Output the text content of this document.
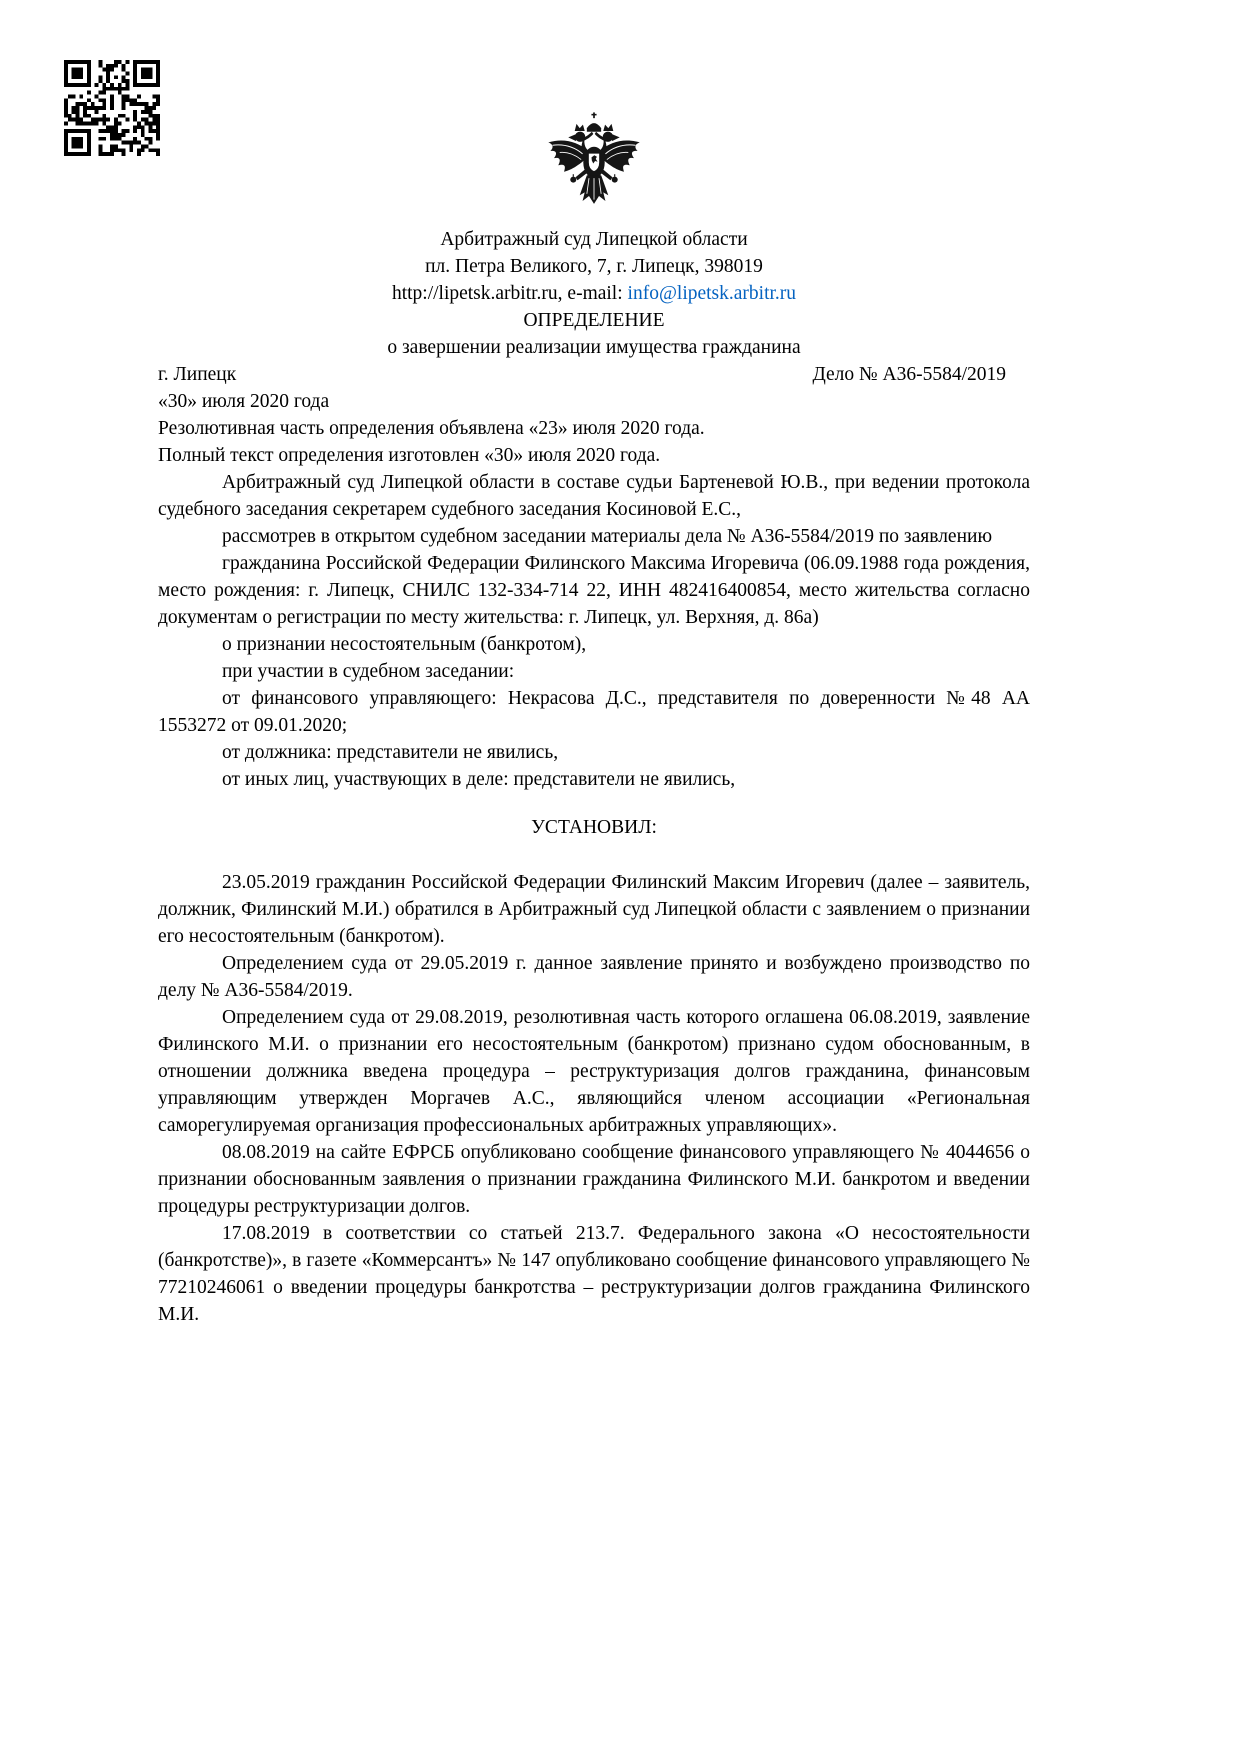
Арбитражный суд Липецкой области
пл. Петра Великого, 7, г. Липецк, 398019
http://lipetsk.arbitr.ru, e-mail: info@lipetsk.arbitr.ru
ОПРЕДЕЛЕНИЕ
о завершении реализации имущества гражданина
г. Липецк	Дело № А36-5584/2019
«30» июля 2020 года

Резолютивная часть определения объявлена «23» июля 2020 года.

Полный текст определения изготовлен «30» июля 2020 года.

Арбитражный суд Липецкой области в составе судьи Бартеневой Ю.В., при ведении протокола судебного заседания секретарем судебного заседания Косиновой Е.С.,

рассмотрев в открытом судебном заседании материалы дела № А36-5584/2019 по заявлению

гражданина Российской Федерации Филинского Максима Игоревича (06.09.1988 года рождения, место рождения: г. Липецк, СНИЛС 132-334-714 22, ИНН 482416400854, место жительства согласно документам о регистрации по месту жительства: г. Липецк, ул. Верхняя, д. 86а)

о признании несостоятельным (банкротом),

при участии в судебном заседании:

от финансового управляющего: Некрасова Д.С., представителя по доверенности №48 АА 1553272 от 09.01.2020;

от должника: представители не явились,

от иных лиц, участвующих в деле: представители не явились,

УСТАНОВИЛ:

23.05.2019 гражданин Российской Федерации Филинский Максим Игоревич (далее – заявитель, должник, Филинский М.И.) обратился в Арбитражный суд Липецкой области с заявлением о признании его несостоятельным (банкротом).

Определением суда от 29.05.2019 г. данное заявление принято и возбуждено производство по делу № А36-5584/2019.

Определением суда от 29.08.2019, резолютивная часть которого оглашена 06.08.2019, заявление Филинского М.И. о признании его несостоятельным (банкротом) признано судом обоснованным, в отношении должника введена процедура – реструктуризация долгов гражданина, финансовым управляющим утвержден Моргачев А.С., являющийся членом ассоциации «Региональная саморегулируемая организация профессиональных арбитражных управляющих».

08.08.2019 на сайте ЕФРСБ опубликовано сообщение финансового управляющего № 4044656 о признании обоснованным заявления о признании гражданина Филинского М.И. банкротом и введении процедуры реструктуризации долгов.

17.08.2019 в соответствии со статьей 213.7. Федерального закона «О несостоятельности (банкротстве)», в газете «Коммерсантъ» № 147 опубликовано сообщение финансового управляющего № 77210246061 о введении процедуры банкротства – реструктуризации долгов гражданина Филинского М.И.
